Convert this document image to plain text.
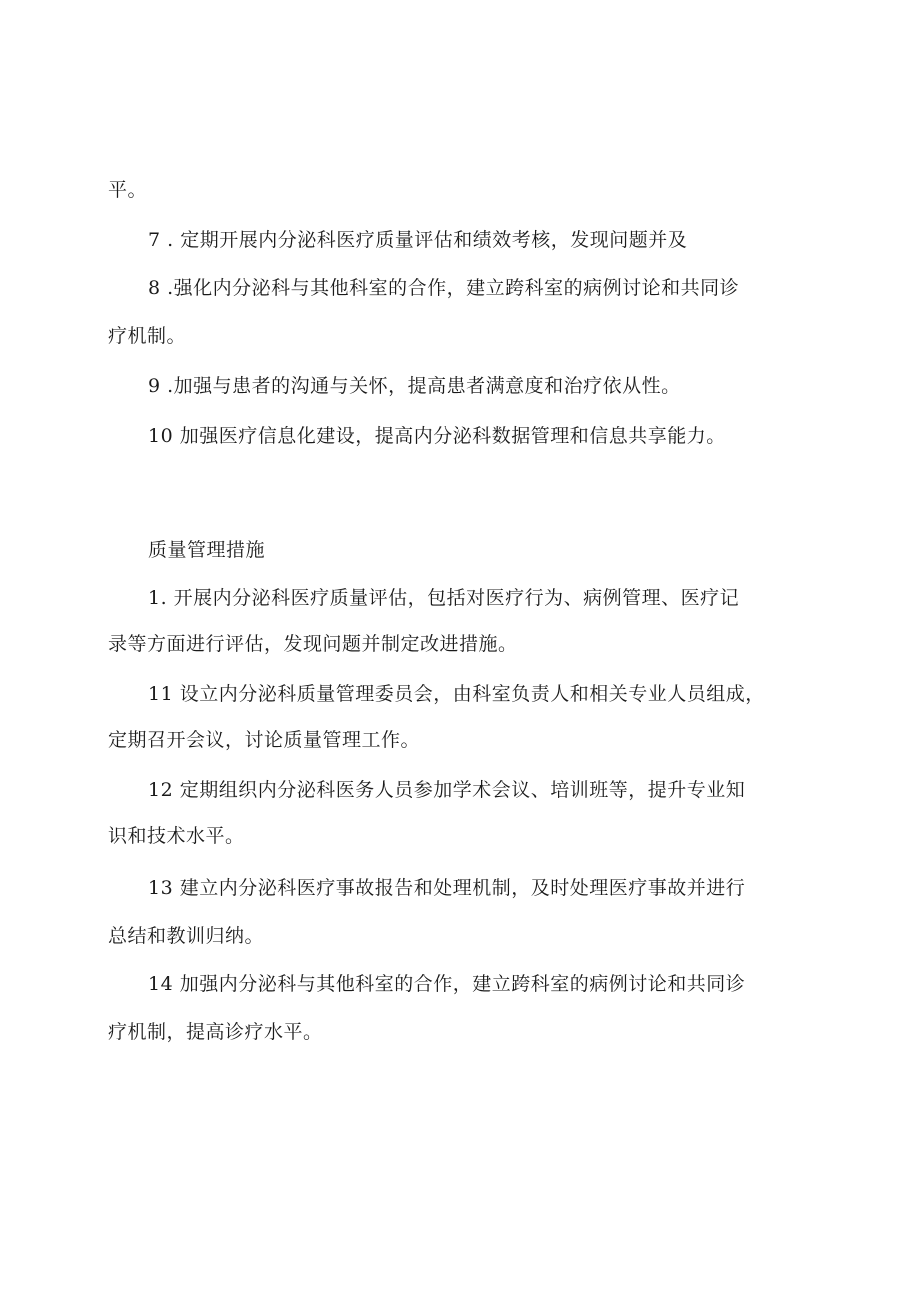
平。
7 . 定期开展内分泌科医疗质量评估和绩效考核，发现问题并及
8 .强化内分泌科与其他科室的合作，建立跨科室的病例讨论和共同诊
疗机制。
9 .加强与患者的沟通与关怀，提高患者满意度和治疗依从性。
10 加强医疗信息化建设，提高内分泌科数据管理和信息共享能力。
质量管理措施
1. 开展内分泌科医疗质量评估，包括对医疗行为、病例管理、医疗记
录等方面进行评估，发现问题并制定改进措施。
11 设立内分泌科质量管理委员会，由科室负责人和相关专业人员组成，
定期召开会议，讨论质量管理工作。
12 定期组织内分泌科医务人员参加学术会议、培训班等，提升专业知
识和技术水平。
13 建立内分泌科医疗事故报告和处理机制，及时处理医疗事故并进行
总结和教训归纳。
14 加强内分泌科与其他科室的合作，建立跨科室的病例讨论和共同诊
疗机制，提高诊疗水平。
